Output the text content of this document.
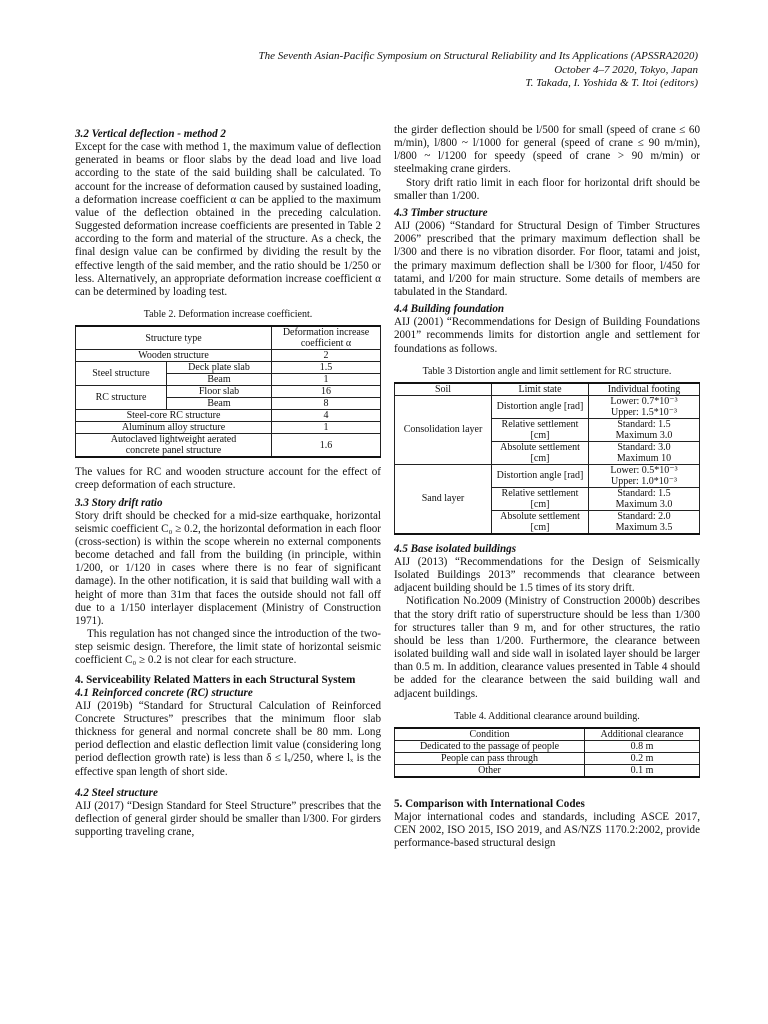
The Seventh Asian-Pacific Symposium on Structural Reliability and Its Applications (APSSRA2020)
October 4–7 2020, Tokyo, Japan
T. Takada, I. Yoshida & T. Itoi (editors)
3.2 Vertical deflection - method 2

Except for the case with method 1, the maximum value of deflection generated in beams or floor slabs by the dead load and live load according to the state of the said building shall be calculated. To account for the increase of deformation caused by sustained loading, a deformation increase coefficient α can be applied to the maximum value of the deflection obtained in the preceding calculation. Suggested deformation increase coefficients are presented in Table 2 according to the form and material of the structure. As a check, the final design value can be confirmed by dividing the result by the effective length of the said member, and the ratio should be 1/250 or less. Alternatively, an appropriate deformation increase coefficient α can be determined by loading test.

Table 2. Deformation increase coefficient.
Structure type		Deformation increase coefficient α
Wooden structure		2
Steel structure	Deck plate slab	1.5
	Beam	1
RC structure	Floor slab	16
	Beam	8
Steel-core RC structure		4
Aluminum alloy structure		1
Autoclaved lightweight aerated concrete panel structure		1.6

The values for RC and wooden structure account for the effect of creep deformation of each structure.

3.3 Story drift ratio

Story drift should be checked for a mid-size earthquake, horizontal seismic coefficient C₀ ≥ 0.2, the horizontal deformation in each floor (cross-section) is within the scope wherein no external components become detached and fall from the building (in principle, within 1/200, or 1/120 in cases where there is no fear of significant damage). In the other notification, it is said that building wall with a height of more than 31m that faces the outside should not fall off due to a 1/150 interlayer displacement (Ministry of Construction 1971).

This regulation has not changed since the introduction of the two-step seismic design. Therefore, the limit state of horizontal seismic coefficient C₀ ≥ 0.2 is not clear for each structure.

4. Serviceability Related Matters in each Structural System
4.1 Reinforced concrete (RC) structure

AIJ (2019b) “Standard for Structural Calculation of Reinforced Concrete Structures” prescribes that the minimum floor slab thickness for general and normal concrete shall be 80 mm. Long period deflection and elastic deflection limit value (considering long period deflection growth rate) is less than δ ≤ lₓ/250, where lₓ is the effective span length of short side.

4.2 Steel structure

AIJ (2017) “Design Standard for Steel Structure” prescribes that the deflection of general girder should be smaller than l/300. For girders supporting traveling crane,

the girder deflection should be l/500 for small (speed of crane ≤ 60 m/min), l/800 ~ l/1000 for general (speed of crane ≤ 90 m/min), l/800 ~ l/1200 for speedy (speed of crane > 90 m/min) or steelmaking crane girders.

Story drift ratio limit in each floor for horizontal drift should be smaller than 1/200.

4.3 Timber structure

AIJ (2006) “Standard for Structural Design of Timber Structures 2006” prescribed that the primary maximum deflection shall be l/300 and there is no vibration disorder. For floor, tatami and joist, the primary maximum deflection shall be l/300 for floor, l/450 for tatami, and l/200 for main structure. Some details of members are tabulated in the Standard.

4.4 Building foundation

AIJ (2001) “Recommendations for Design of Building Foundations 2001” recommends limits for distortion angle and settlement for foundations as follows.

Table 3 Distortion angle and limit settlement for RC structure.
Soil	Limit state	Individual footing
Consolidation layer	Distortion angle [rad]	Lower: 0.7*10⁻³
Upper: 1.5*10⁻³

	Relative settlement [cm]	Standard: 1.5
Maximum 3.0

	Absolute settlement [cm]	Standard: 3.0
Maximum 10

Sand layer	Distortion angle [rad]	Lower: 0.5*10⁻³
Upper: 1.0*10⁻³

	Relative settlement [cm]	Standard: 1.5
Maximum 3.0

	Absolute settlement [cm]	Standard: 2.0
Maximum 3.5
4.5 Base isolated buildings

AIJ (2013) “Recommendations for the Design of Seismically Isolated Buildings 2013” recommends that clearance between adjacent building should be 1.5 times of its story drift.

Notification No.2009 (Ministry of Construction 2000b) describes that the story drift ratio of superstructure should be less than 1/300 for structures taller than 9 m, and for other structures, the ratio should be less than 1/200. Furthermore, the clearance between isolated building wall and side wall in isolated layer should be larger than 0.5 m. In addition, clearance values presented in Table 4 should be added for the clearance between the said building wall and adjacent buildings.

Table 4. Additional clearance around building.
Condition	Additional clearance
Dedicated to the passage of people	0.8 m
People can pass through	0.2 m
Other	0.1 m
5. Comparison with International Codes

Major international codes and standards, including ASCE 2017, CEN 2002, ISO 2015, ISO 2019, and AS/NZS 1170.2:2002, provide performance-based structural design
